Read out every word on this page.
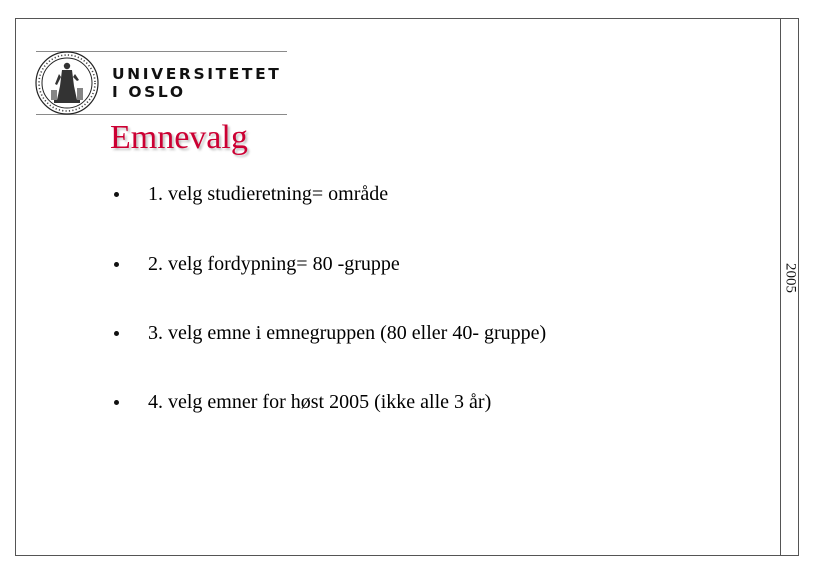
2005
UNIVERSITETET
I OSLO
Emnevalg
1. velg studieretning= område
2. velg fordypning= 80 -gruppe
3. velg emne i emnegruppen (80 eller 40- gruppe)
4. velg emner for høst 2005 (ikke alle 3 år)
